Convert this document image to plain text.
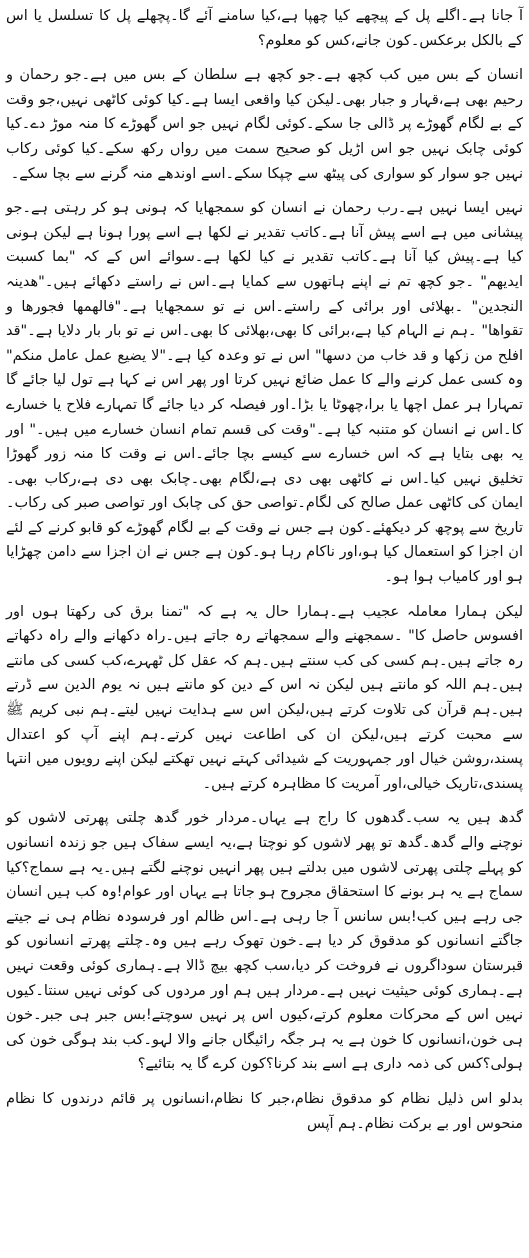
آ جانا ہے۔اگلے پل کے پیچھے کیا چھپا ہے،کیا سامنے آئے گا۔پچھلے پل کا تسلسل یا اس کے بالکل برعکس۔کون جانے،کس کو معلوم؟

انسان کے بس میں کب کچھ ہے۔جو کچھ ہے سلطان کے بس میں ہے۔جو رحمان و رحیم بھی ہے،قہار و جبار بھی۔لیکن کیا واقعی ایسا ہے۔کیا کوئی کاٹھی نہیں،جو وقت کے بے لگام گھوڑے پر ڈالی جا سکے۔کوئی لگام نہیں جو اس گھوڑے کا منہ موڑ دے۔کیا کوئی چابک نہیں جو اس اڑیل کو صحیح سمت میں رواں رکھ سکے۔کیا کوئی رکاب نہیں جو سوار کو سواری کی پیٹھ سے چپکا سکے۔اسے اوندھے منہ گرنے سے بچا سکے۔

نہیں ایسا نہیں ہے۔رب رحمان نے انسان کو سمجھایا کہ ہونی ہو کر رہتی ہے۔جو پیشانی میں ہے اسے پیش آنا ہے۔کاتب تقدیر نے لکھا ہے اسے پورا ہونا ہے لیکن ہونی کیا ہے۔پیش کیا آنا ہے۔کاتب تقدیر نے کیا لکھا ہے۔سوائے اس کے کہ "بما کسبت ایدیھم" ۔جو کچھ تم نے اپنے ہاتھوں سے کمایا ہے۔اس نے راستے دکھائے ہیں۔"ھدینہ النجدین" ۔بھلائی اور برائی کے راستے۔اس نے تو سمجھایا ہے۔"فالھمھا فجورھا و تقواھا" ۔ہم نے الہام کیا ہے،برائی کا بھی،بھلائی کا بھی۔اس نے تو بار بار دلایا ہے۔"قد افلح من زکھا و قد خاب من دسھا" اس نے تو وعدہ کیا ہے۔"لا یضیع عمل عامل منکم" وہ کسی عمل کرنے والے کا عمل ضائع نہیں کرتا اور پھر اس نے کہا ہے تول لیا جائے گا تمہارا ہر عمل اچھا یا برا،چھوٹا یا بڑا۔اور فیصلہ کر دیا جائے گا تمہارے فلاح یا خسارے کا۔اس نے انسان کو متنبہ کیا ہے۔"وقت کی قسم تمام انسان خسارے میں ہیں۔" اور یہ بھی بتایا ہے کہ اس خسارے سے کیسے بچا جائے۔اس نے وقت کا منہ زور گھوڑا تخلیق نہیں کیا۔اس نے کاٹھی بھی دی ہے،لگام بھی۔چابک بھی دی ہے،رکاب بھی۔ایمان کی کاٹھی عمل صالح کی لگام۔تواصی حق کی چابک اور تواصی صبر کی رکاب۔تاریخ سے پوچھ کر دیکھئے۔کون ہے جس نے وقت کے بے لگام گھوڑے کو قابو کرنے کے لئے ان اجزا کو استعمال کیا ہو،اور ناکام رہا ہو۔کون ہے جس نے ان اجزا سے دامن چھڑایا ہو اور کامیاب ہوا ہو۔

لیکن ہمارا معاملہ عجیب ہے۔ہمارا حال یہ ہے کہ "تمنا برق کی رکھتا ہوں اور افسوس حاصل کا" ۔سمجھنے والے سمجھاتے رہ جاتے ہیں۔راہ دکھانے والے راہ دکھاتے رہ جاتے ہیں۔ہم کسی کی کب سنتے ہیں۔ہم کہ عقل کل ٹھہرے،کب کسی کی مانتے ہیں۔ہم اللہ کو مانتے ہیں لیکن نہ اس کے دین کو مانتے ہیں نہ یوم الدین سے ڈرتے ہیں۔ہم قرآن کی تلاوت کرتے ہیں،لیکن اس سے ہدایت نہیں لیتے۔ہم نبی کریم ﷺ سے محبت کرتے ہیں،لیکن ان کی اطاعت نہیں کرتے۔ہم اپنے آپ کو اعتدال پسند،روشن خیال اور جمہوریت کے شیدائی کہتے نہیں تھکتے لیکن اپنے رویوں میں انتہا پسندی،تاریک خیالی،اور آمریت کا مظاہرہ کرتے ہیں۔

گدھ ہیں یہ سب۔گدھوں کا راج ہے یہاں۔مردار خور گدھ چلتی پھرتی لاشوں کو نوچنے والے گدھ۔گدھ تو پھر لاشوں کو نوچتا ہے،یہ ایسے سفاک ہیں جو زندہ انسانوں کو پہلے چلتی پھرتی لاشوں میں بدلتے ہیں پھر انہیں نوچنے لگتے ہیں۔یہ ہے سماج؟کیا سماج ہے یہ ہر بونے کا استحقاق مجروح ہو جاتا ہے یہاں اور عوام!وہ کب ہیں انسان جی رہے ہیں کب!بس سانس آ جا رہی ہے۔اس ظالم اور فرسودہ نظام ہی نے جیتے جاگتے انسانوں کو مدقوق کر دیا ہے۔خون تھوک رہے ہیں وہ۔چلتے پھرتے انسانوں کو قبرستان سوداگروں نے فروخت کر دیا،سب کچھ بیچ ڈالا ہے۔ہماری کوئی وقعت نہیں ہے۔ہماری کوئی حیثیت نہیں ہے۔مردار ہیں ہم اور مردوں کی کوئی نہیں سنتا۔کیوں نہیں اس کے محرکات معلوم کرتے،کیوں اس پر نہیں سوچتے!بس جبر ہی جبر۔خون ہی خون،انسانوں کا خون ہے یہ ہر جگہ رائیگاں جانے والا لہو۔کب بند ہوگی خون کی ہولی؟کس کی ذمہ داری ہے اسے بند کرنا؟کون کرے گا یہ بتائیے؟

بدلو اس ذلیل نظام کو مدقوق نظام،جبر کا نظام،انسانوں پر قائم درندوں کا نظام منحوس اور بے برکت نظام۔ہم آپس
